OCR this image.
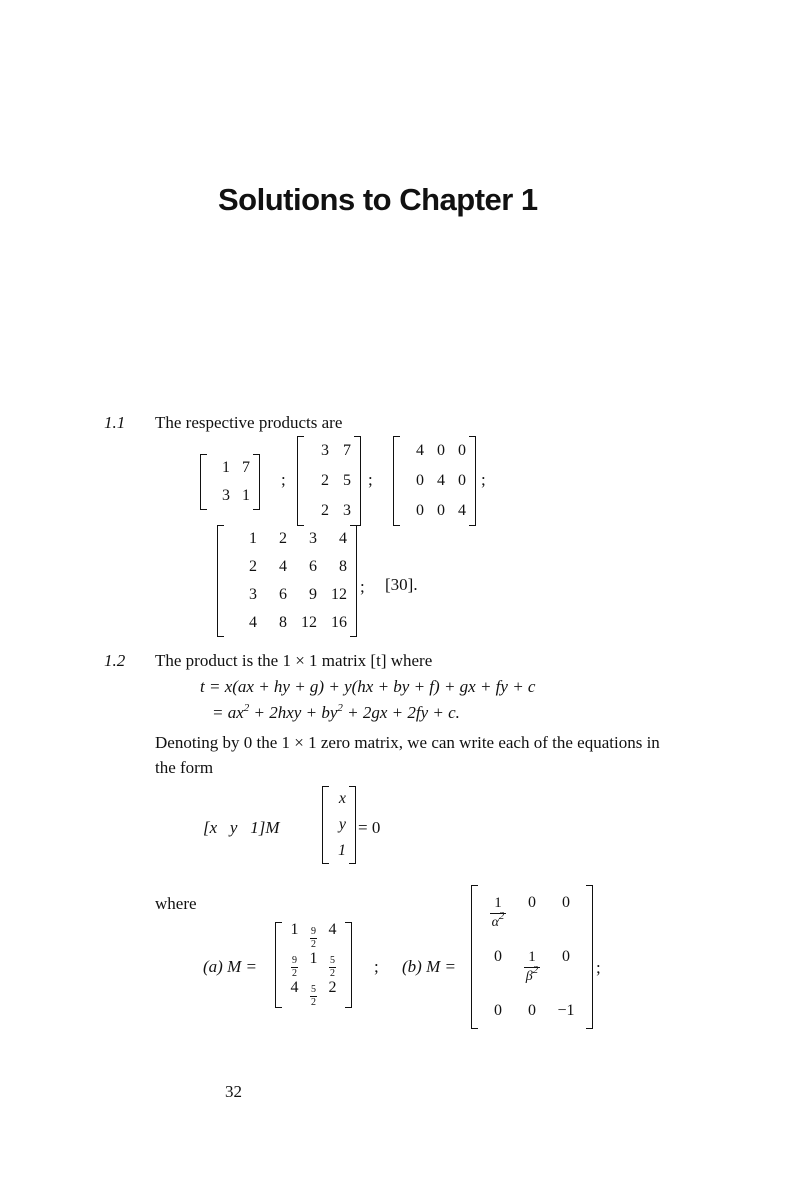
Solutions to Chapter 1
1.1 The respective products are
1 7
3 1
;
3 7
2 5
2 3
;
4 0 0
0 4 0
0 0 4
;
1 2 3 4
2 4 6 8
3 6 9 12
4 8 12 16
; [30].
1.2 The product is the 1 × 1 matrix [t] where
t = x(ax + hy + g) + y(hx + by + f) + gx + fy + c
= $ax^2 + 2hxy + by^2 + 2gx + 2fy + c$.
Denoting by 0 the 1 × 1 zero matrix, we can write each of the equations in
the form
[x   y   1]M
x
y
1
= 0
where
(a) M =
$1 \frac{9}{2} 4$
$\frac{9}{2} 1 \frac{5}{2}$
$4 \frac{5}{2} 2$
; (b) M =
$\frac{1}{\alpha^2} 0$ 0
$0 \frac{1}{\beta^2} 0$
0 0 −1
;
32
